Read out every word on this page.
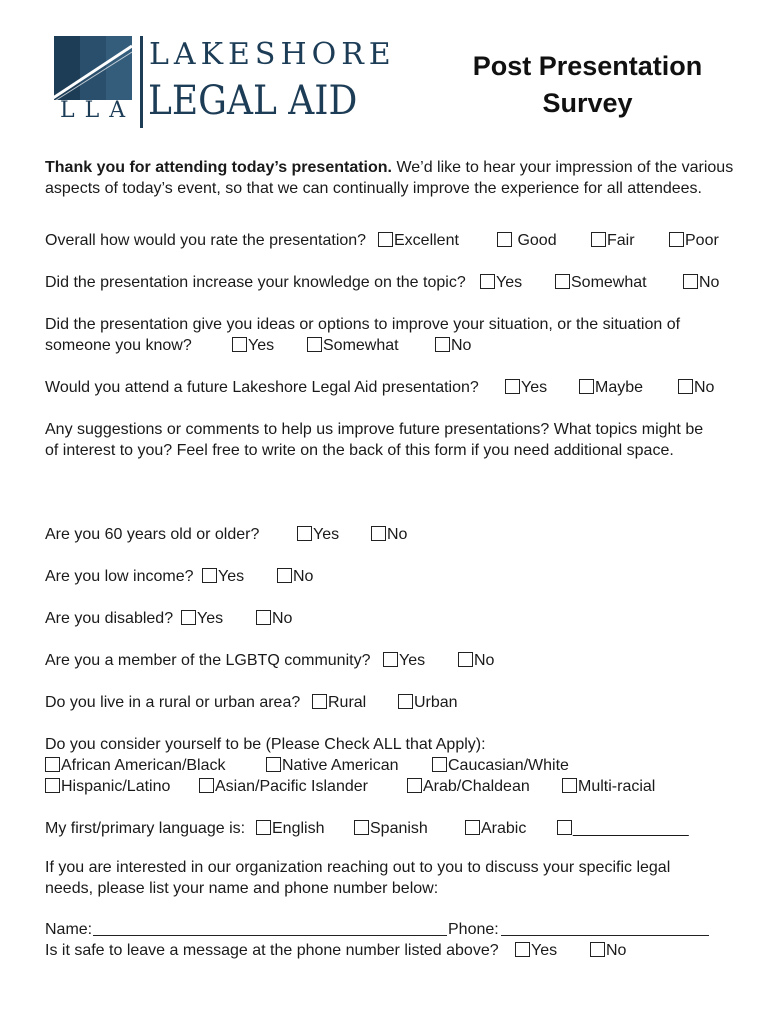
LLA
LAKESHORE
LEGAL AID
Post Presentation
Survey
Thank you for attending today’s presentation. We’d like to hear your impression of the various aspects of today’s event, so that we can continually improve the experience for all attendees.
Overall how would you rate the presentation?	Excellent	Good	Fair	Poor
Did the presentation increase your knowledge on the topic?	Yes	Somewhat	No
Did the presentation give you ideas or options to improve your situation, or the situation of
someone you know?	Yes	Somewhat	No
Would you attend a future Lakeshore Legal Aid presentation?	Yes	Maybe	No
Any suggestions or comments to help us improve future presentations? What topics might be
of interest to you? Feel free to write on the back of this form if you need additional space.
Are you 60 years old or older?	Yes	No
Are you low income?	Yes	No
Are you disabled?	Yes	No
Are you a member of the LGBTQ community?	Yes	No
Do you live in a rural or urban area?	Rural	Urban
Do you consider yourself to be (Please Check ALL that Apply):
African American/Black	Native American	Caucasian/White
Hispanic/Latino	Asian/Pacific Islander	Arab/Chaldean	Multi-racial
My first/primary language is:	English	Spanish	Arabic	_____________
If you are interested in our organization reaching out to you to discuss your specific legal
needs, please list your name and phone number below:
Name:	Phone:
Is it safe to leave a message at the phone number listed above?	Yes	No
